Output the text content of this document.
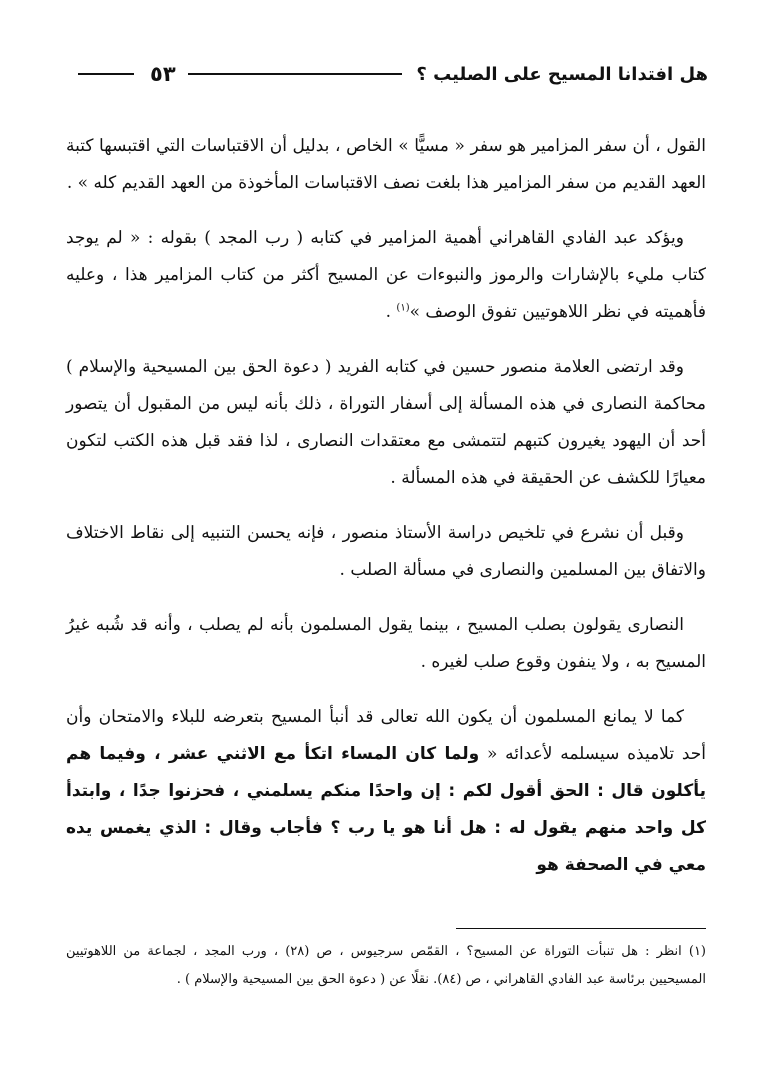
هل افتدانا المسيح على الصليب ؟
٥٣

القول ، أن سفر المزامير هو سفر « مسيًّا » الخاص ، بدليل أن الاقتباسات التي اقتبسها كتبة العهد القديم من سفر المزامير هذا بلغت نصف الاقتباسات المأخوذة من العهد القديم كله » .

ويؤكد عبد الفادي القاهراني أهمية المزامير في كتابه ( رب المجد ) بقوله : « لم يوجد كتاب مليء بالإشارات والرموز والنبوءات عن المسيح أكثر من كتاب المزامير هذا ، وعليه فأهميته في نظر اللاهوتيين تفوق الوصف »$^{(١)}$ .

وقد ارتضى العلامة منصور حسين في كتابه الفريد ( دعوة الحق بين المسيحية والإسلام ) محاكمة النصارى في هذه المسألة إلى أسفار التوراة ، ذلك بأنه ليس من المقبول أن يتصور أحد أن اليهود يغيرون كتبهم لتتمشى مع معتقدات النصارى ، لذا فقد قبل هذه الكتب لتكون معيارًا للكشف عن الحقيقة في هذه المسألة .

وقبل أن نشرع في تلخيص دراسة الأستاذ منصور ، فإنه يحسن التنبيه إلى نقاط الاختلاف والاتفاق بين المسلمين والنصارى في مسألة الصلب .

النصارى يقولون بصلب المسيح ، بينما يقول المسلمون بأنه لم يصلب ، وأنه قد شُبه غيرُ المسيح به ، ولا ينفون وقوع صلب لغيره .

كما لا يمانع المسلمون أن يكون الله تعالى قد أنبأ المسيح بتعرضه للبلاء والامتحان وأن أحد تلاميذه سيسلمه لأعدائه « ولما كان المساء اتكأ مع الاثني عشر ، وفيما هم يأكلون قال : الحق أقول لكم : إن واحدًا منكم يسلمني ، فحزنوا جدًا ، وابتدأ كل واحد منهم يقول له : هل أنا هو يا رب ؟ فأجاب وقال : الذي يغمس يده معي في الصحفة هو

(١) انظر : هل تنبأت التوراة عن المسيح؟ ، القمّص سرجيوس ، ص (٢٨) ، ورب المجد ، لجماعة من اللاهوتيين المسيحيين برئاسة عبد الفادي القاهراني ، ص (٨٤). نقلًا عن ( دعوة الحق بين المسيحية والإسلام ) .
